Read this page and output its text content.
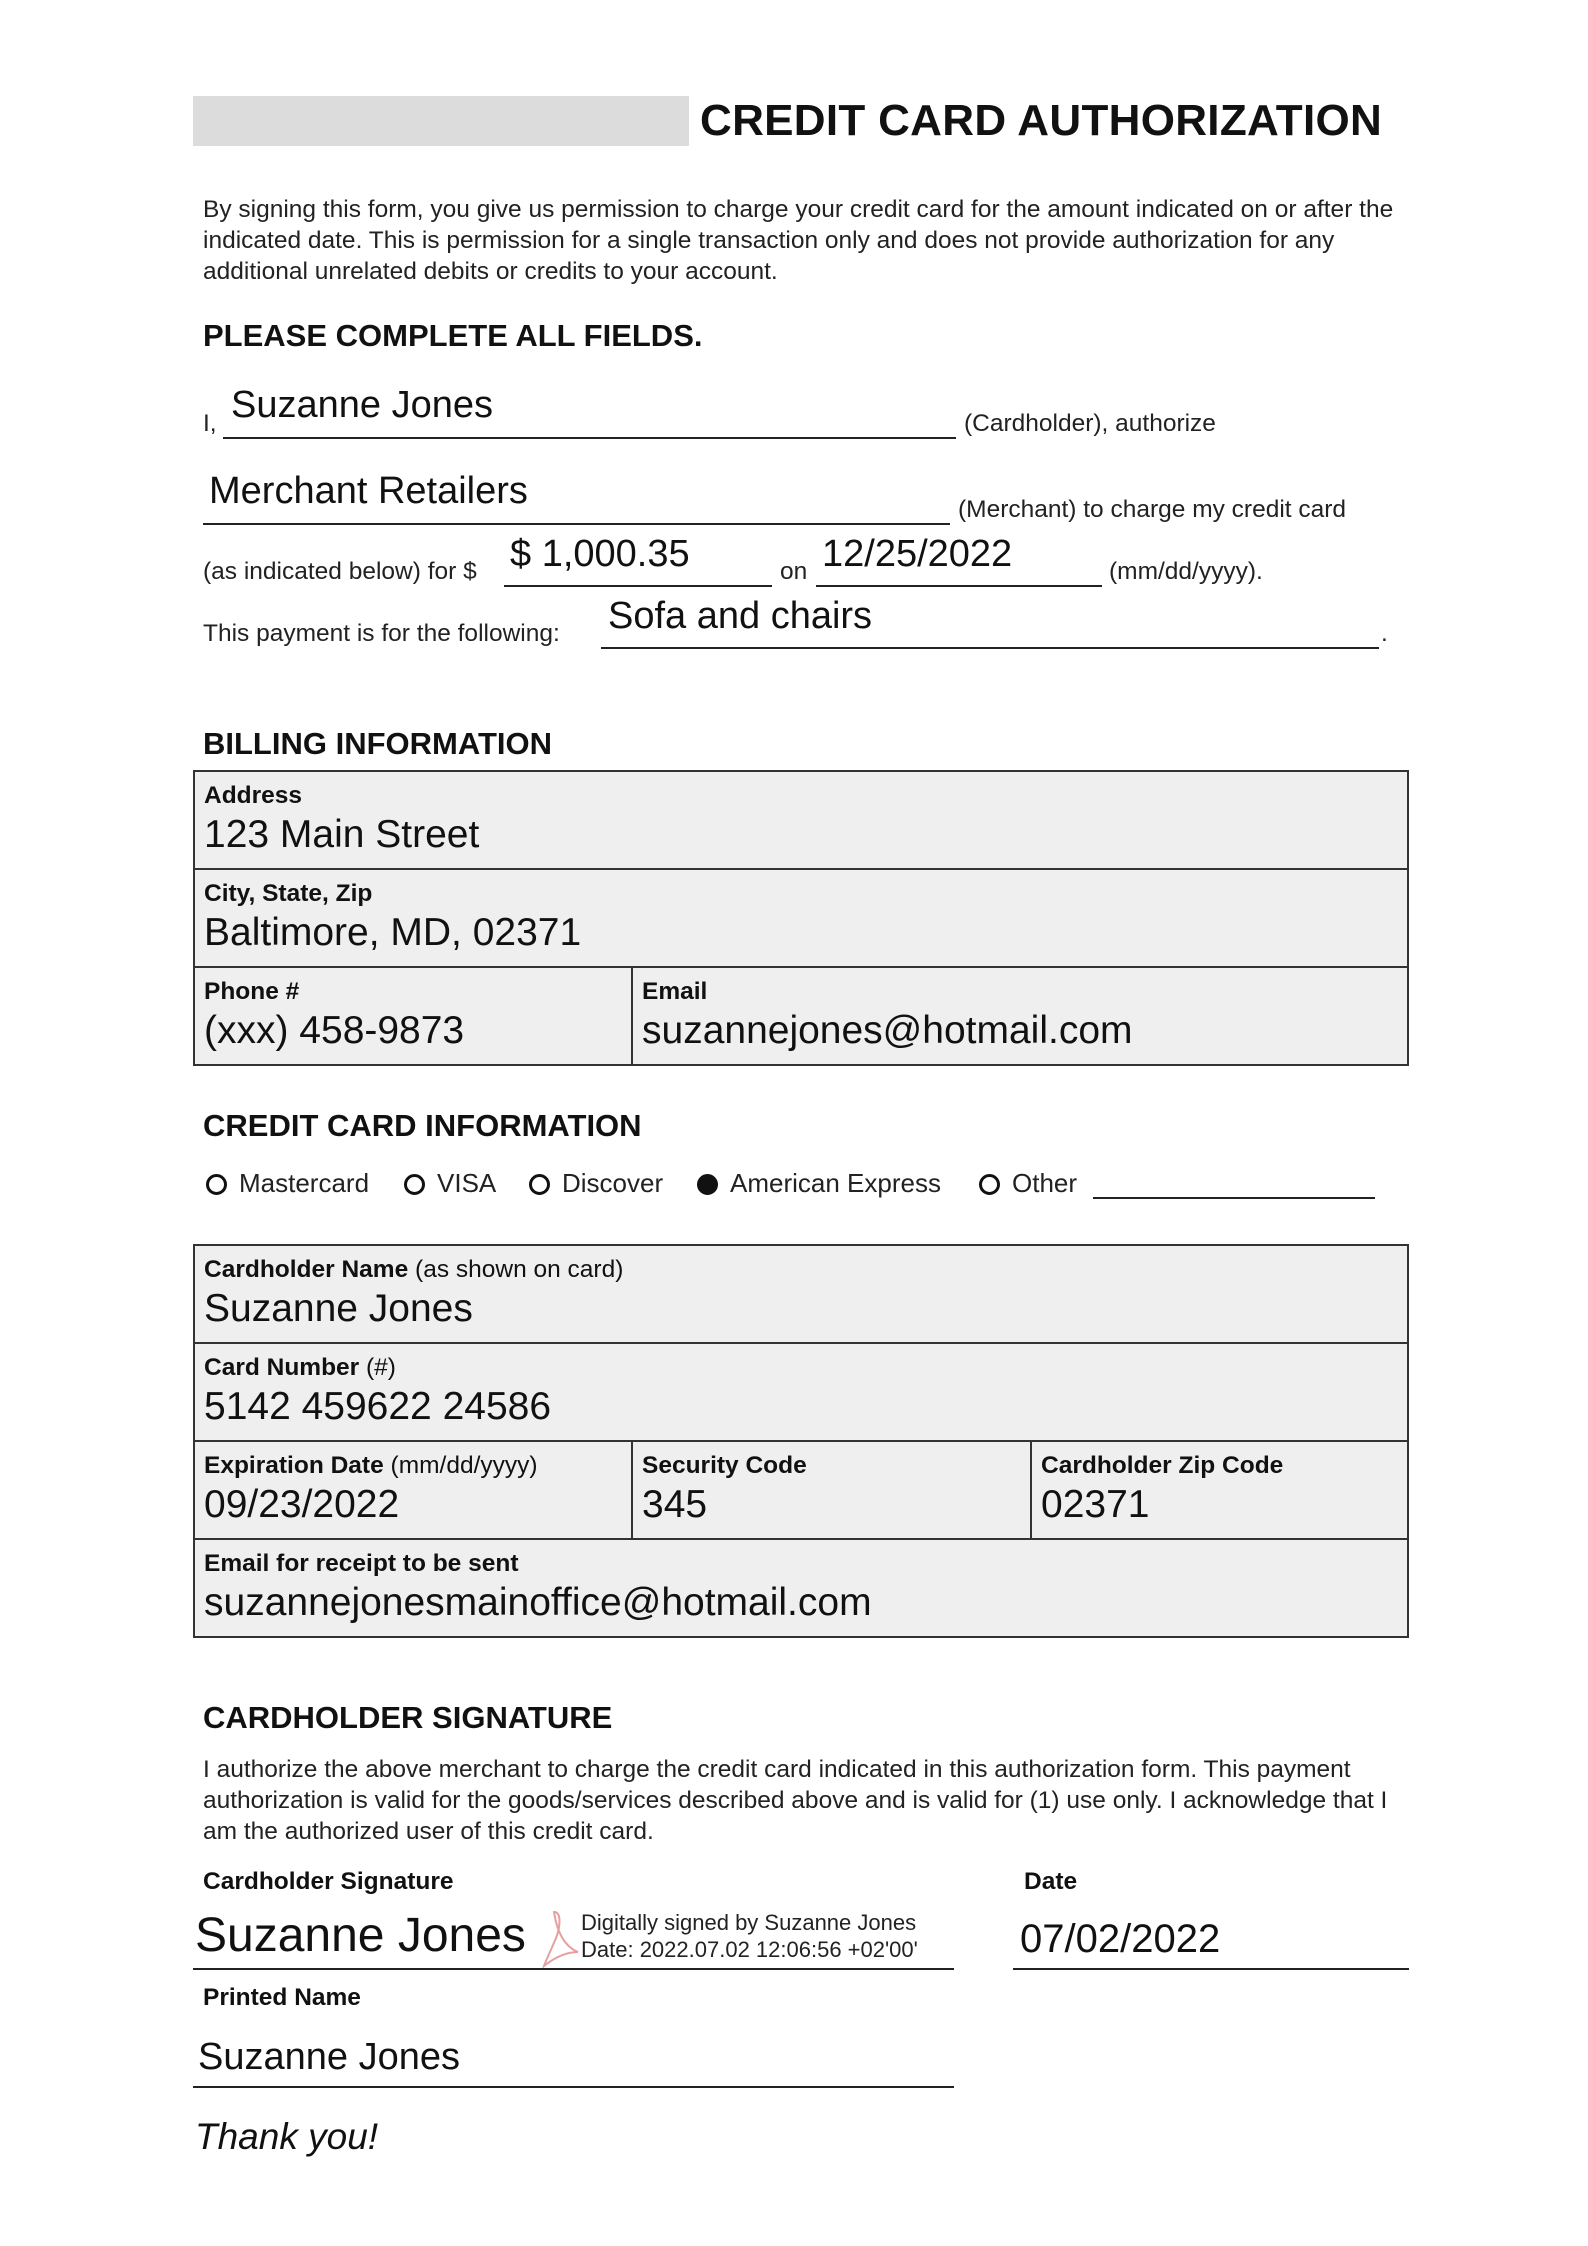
CREDIT CARD AUTHORIZATION
By signing this form, you give us permission to charge your credit card for the amount indicated on or after the indicated date. This is permission for a single transaction only and does not provide authorization for any additional unrelated debits or credits to your account.
PLEASE COMPLETE ALL FIELDS.
I, Suzanne Jones	(Cardholder), authorize
Merchant Retailers	(Merchant) to charge my credit card
(as indicated below) for $ $ 1,000.35	on 12/25/2022	(mm/dd/yyyy).
This payment is for the following: Sofa and chairs	.
BILLING INFORMATION
Address
123 Main Street

City, State, Zip
Baltimore, MD, 02371

Phone #
(xxx) 458-9873

Email
suzannejones@hotmail.com
CREDIT CARD INFORMATION
Mastercard	VISA	Discover	American Express	Other
Cardholder Name (as shown on card)
Suzanne Jones

Card Number (#)
5142 459622 24586

Expiration Date (mm/dd/yyyy)
09/23/2022

Security Code
345

Cardholder Zip Code
02371

Email for receipt to be sent
suzannejonesmainoffice@hotmail.com
CARDHOLDER SIGNATURE
I authorize the above merchant to charge the credit card indicated in this authorization form. This payment authorization is valid for the goods/services described above and is valid for (1) use only. I acknowledge that I am the authorized user of this credit card.
Cardholder Signature
Suzanne Jones	Digitally signed by Suzanne Jones
Date: 2022.07.02 12:06:56 +02'00'
Date
07/02/2022
Printed Name
Suzanne Jones
Thank you!
